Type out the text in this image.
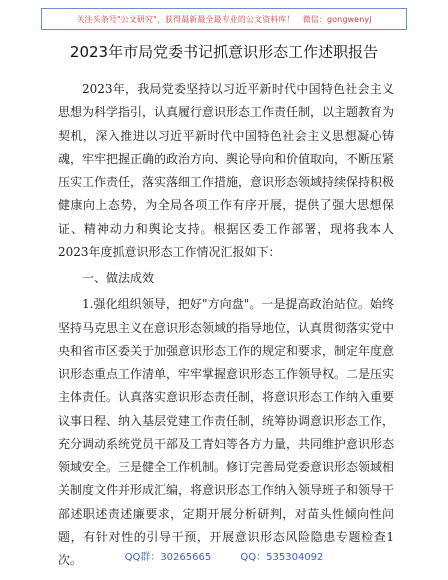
关注头条号"公文研究"，获得最新最全最专业的公文资料库！　微信：gongwenyj
2023年市局党委书记抓意识形态工作述职报告

2023年，我局党委坚持以习近平新时代中国特色社会主义思想为科学指引，认真履行意识形态工作责任制，以主题教育为契机，深入推进以习近平新时代中国特色社会主义思想凝心铸魂，牢牢把握正确的政治方向、舆论导向和价值取向，不断压紧压实工作责任，落实落细工作措施，意识形态领域持续保持积极健康向上态势，为全局各项工作有序开展，提供了强大思想保证、精神动力和舆论支持。根据区委工作部署，现将我本人2023年度抓意识形态工作情况汇报如下：

一、做法成效

1.强化组织领导，把好"方向盘"。一是提高政治站位。始终坚持马克思主义在意识形态领域的指导地位，认真贯彻落实党中央和省市区委关于加强意识形态工作的规定和要求，制定年度意识形态重点工作清单，牢牢掌握意识形态工作领导权。二是压实主体责任。认真落实意识形态责任制，将意识形态工作纳入重要议事日程、纳入基层党建工作责任制，统筹协调意识形态工作，充分调动系统党员干部及工青妇等各方力量，共同维护意识形态领域安全。三是健全工作机制。修订完善局党委意识形态领域相关制度文件并形成汇编，将意识形态工作纳入领导班子和领导干部述职述责述廉要求，定期开展分析研判，对苗头性倾向性问题，有针对性的引导干预，开展意识形态风险隐患专题检查1次。	QQ群：30265665	QQ：535304092
